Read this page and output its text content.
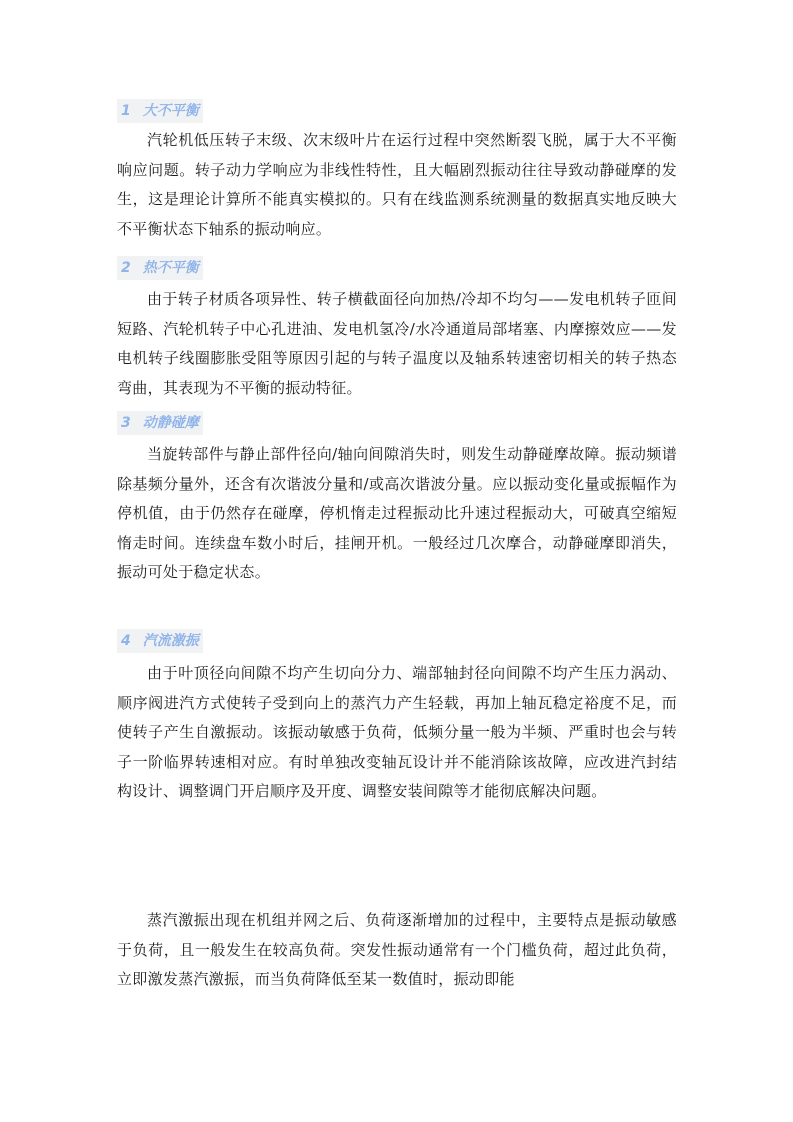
1 大不平衡

汽轮机低压转子末级、次末级叶片在运行过程中突然断裂飞脱，属于大不平衡响应问题。转子动力学响应为非线性特性，且大幅剧烈振动往往导致动静碰摩的发生，这是理论计算所不能真实模拟的。只有在线监测系统测量的数据真实地反映大不平衡状态下轴系的振动响应。

2 热不平衡

由于转子材质各项异性、转子横截面径向加热/冷却不均匀——发电机转子匝间短路、汽轮机转子中心孔进油、发电机氢冷/水冷通道局部堵塞、内摩擦效应——发电机转子线圈膨胀受阻等原因引起的与转子温度以及轴系转速密切相关的转子热态弯曲，其表现为不平衡的振动特征。

3 动静碰摩

当旋转部件与静止部件径向/轴向间隙消失时，则发生动静碰摩故障。振动频谱除基频分量外，还含有次谐波分量和/或高次谐波分量。应以振动变化量或振幅作为停机值，由于仍然存在碰摩，停机惰走过程振动比升速过程振动大，可破真空缩短惰走时间。连续盘车数小时后，挂闸开机。一般经过几次摩合，动静碰摩即消失，振动可处于稳定状态。

4 汽流激振

由于叶顶径向间隙不均产生切向分力、端部轴封径向间隙不均产生压力涡动、顺序阀进汽方式使转子受到向上的蒸汽力产生轻载，再加上轴瓦稳定裕度不足，而使转子产生自激振动。该振动敏感于负荷，低频分量一般为半频、严重时也会与转子一阶临界转速相对应。有时单独改变轴瓦设计并不能消除该故障，应改进汽封结构设计、调整调门开启顺序及开度、调整安装间隙等才能彻底解决问题。

蒸汽激振出现在机组并网之后、负荷逐渐增加的过程中，主要特点是振动敏感于负荷，且一般发生在较高负荷。突发性振动通常有一个门槛负荷，超过此负荷，立即激发蒸汽激振，而当负荷降低至某一数值时，振动即能
